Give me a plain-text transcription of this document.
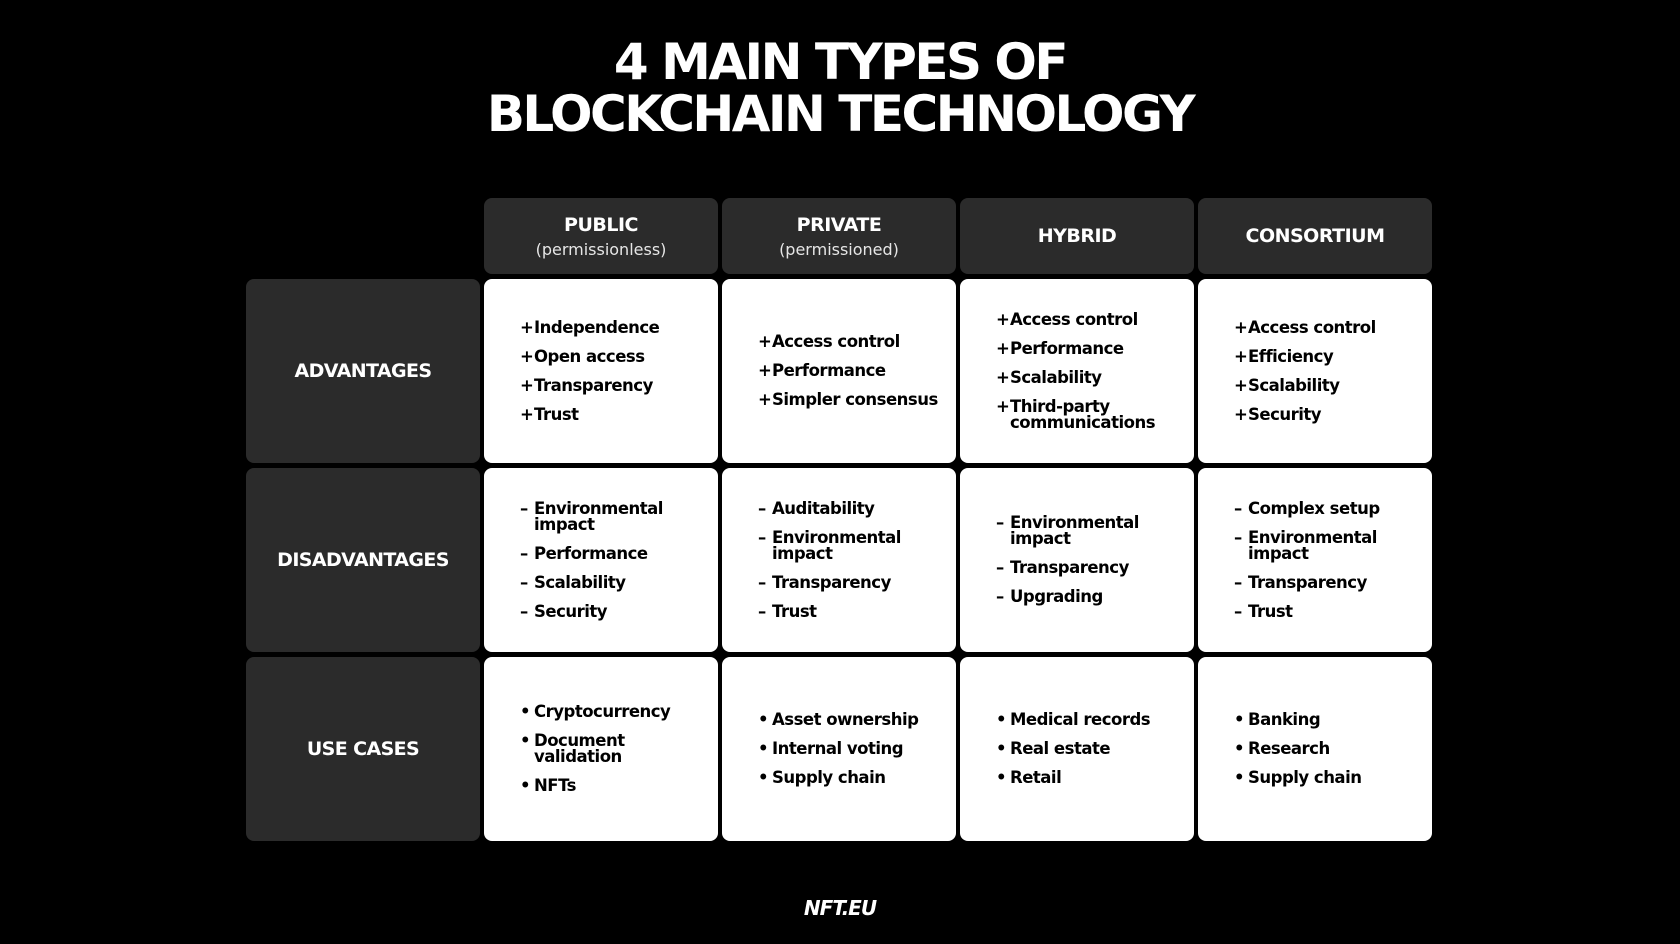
4 MAIN TYPES OF
BLOCKCHAIN TECHNOLOGY
PUBLIC
(permissionless)
PRIVATE
(permissioned)
HYBRID	CONSORTIUM
ADVANTAGES
+Independence
+Open access
+Transparency
+Trust
+Access control
+Performance
+Simpler consensus
+Access control
+Performance
+Scalability
+Third-party communications
+Access control
+Efficiency
+Scalability
+Security
DISADVANTAGES
– Environmental impact
– Performance
– Scalability
– Security
– Auditability
– Environmental impact
– Transparency
– Trust
– Environmental impact
– Transparency
– Upgrading
– Complex setup
– Environmental impact
– Transparency
– Trust
USE CASES
• Cryptocurrency
• Document validation
• NFTs
• Asset ownership
• Internal voting
• Supply chain
• Medical records
• Real estate
• Retail
• Banking
• Research
• Supply chain
NFT.EU
